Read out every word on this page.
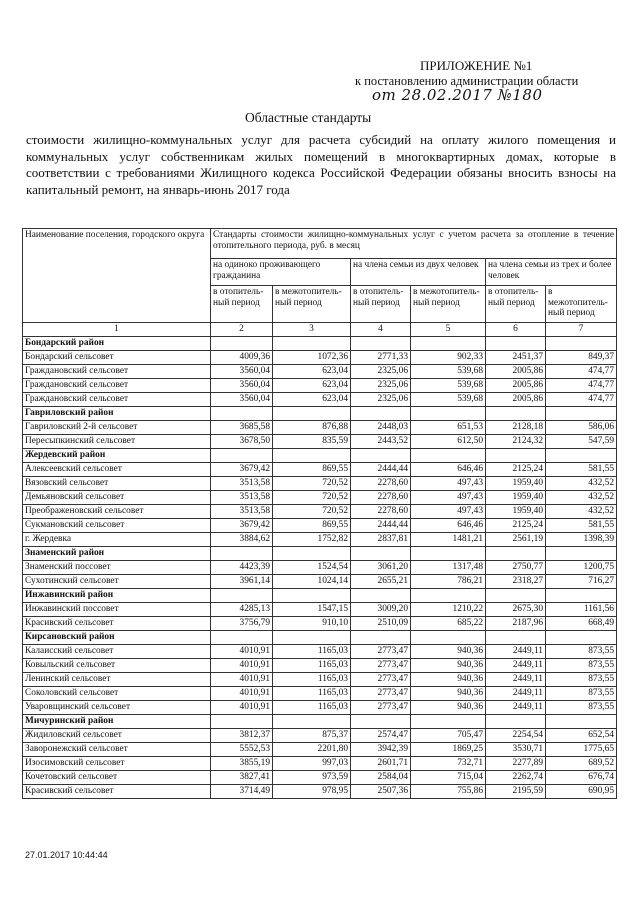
ПРИЛОЖЕНИЕ №1
к постановлению администрации области
от 28.02.2017 №180
Областные стандарты
стоимости жилищно-коммунальных услуг для расчета субсидий на оплату жилого помещения и коммунальных услуг собственникам жилых помещений в многоквартирных домах, которые в соответствии с требованиями Жилищного кодекса Российской Федерации обязаны вносить взносы на капитальный ремонт, на январь-июнь 2017 года
Наименование поселения, городского округа	Стандарты стоимости жилищно-коммунальных услуг с учетом расчета за отопление в течение отопительного периода, руб. в месяц					
	на одиноко проживающего гражданина		на члена семьи из двух человек		на члена семьи из трех и более человек	
	в отопитель-ный период	в межотопитель-ный период	в отопитель-ный период	в межотопитель-ный период	в отопитель-ный период	в межотопитель-ный период
1	2	3	4	5	6	7
Бондарский район						
Бондарский сельсовет	4009,36	1072,36	2771,33	902,33	2451,37	849,37
Граждановский сельсовет	3560,04	623,04	2325,06	539,68	2005,86	474,77
Граждановский сельсовет	3560,04	623,04	2325,06	539,68	2005,86	474,77
Граждановский сельсовет	3560,04	623,04	2325,06	539,68	2005,86	474,77
Гавриловский район						
Гавриловский 2-й сельсовет	3685,58	876,88	2448,03	651,53	2128,18	586,06
Пересыпкинский сельсовет	3678,50	835,59	2443,52	612,50	2124,32	547,59
Жердевский район						
Алексеевский сельсовет	3679,42	869,55	2444,44	646,46	2125,24	581,55
Вязовский сельсовет	3513,58	720,52	2278,60	497,43	1959,40	432,52
Демьяновский сельсовет	3513,58	720,52	2278,60	497,43	1959,40	432,52
Преображеновский сельсовет	3513,58	720,52	2278,60	497,43	1959,40	432,52
Сукмановский сельсовет	3679,42	869,55	2444,44	646,46	2125,24	581,55
г. Жердевка	3884,62	1752,82	2837,81	1481,21	2561,19	1398,39
Знаменский район						
Знаменский поссовет	4423,39	1524,54	3061,20	1317,48	2750,77	1200,75
Сухотинский сельсовет	3961,14	1024,14	2655,21	786,21	2318,27	716,27
Инжавинский район						
Инжавинский поссовет	4285,13	1547,15	3009,20	1210,22	2675,30	1161,56
Красивский сельсовет	3756,79	910,10	2510,09	685,22	2187,96	668,49
Кирсановский район						
Калаисский сельсовет	4010,91	1165,03	2773,47	940,36	2449,11	873,55
Ковыльский сельсовет	4010,91	1165,03	2773,47	940,36	2449,11	873,55
Ленинский сельсовет	4010,91	1165,03	2773,47	940,36	2449,11	873,55
Соколовский сельсовет	4010,91	1165,03	2773,47	940,36	2449,11	873,55
Уваровщинский сельсовет	4010,91	1165,03	2773,47	940,36	2449,11	873,55
Мичуринский район						
Жидиловский сельсовет	3812,37	875,37	2574,47	705,47	2254,54	652,54
Заворонежский сельсовет	5552,53	2201,80	3942,39	1869,25	3530,71	1775,65
Изосимовский сельсовет	3855,19	997,03	2601,71	732,71	2277,89	689,52
Кочетовский сельсовет	3827,41	973,59	2584,04	715,04	2262,74	676,74
Красивский сельсовет	3714,49	978,95	2507,36	755,86	2195,59	690,95
27.01.2017 10:44:44
